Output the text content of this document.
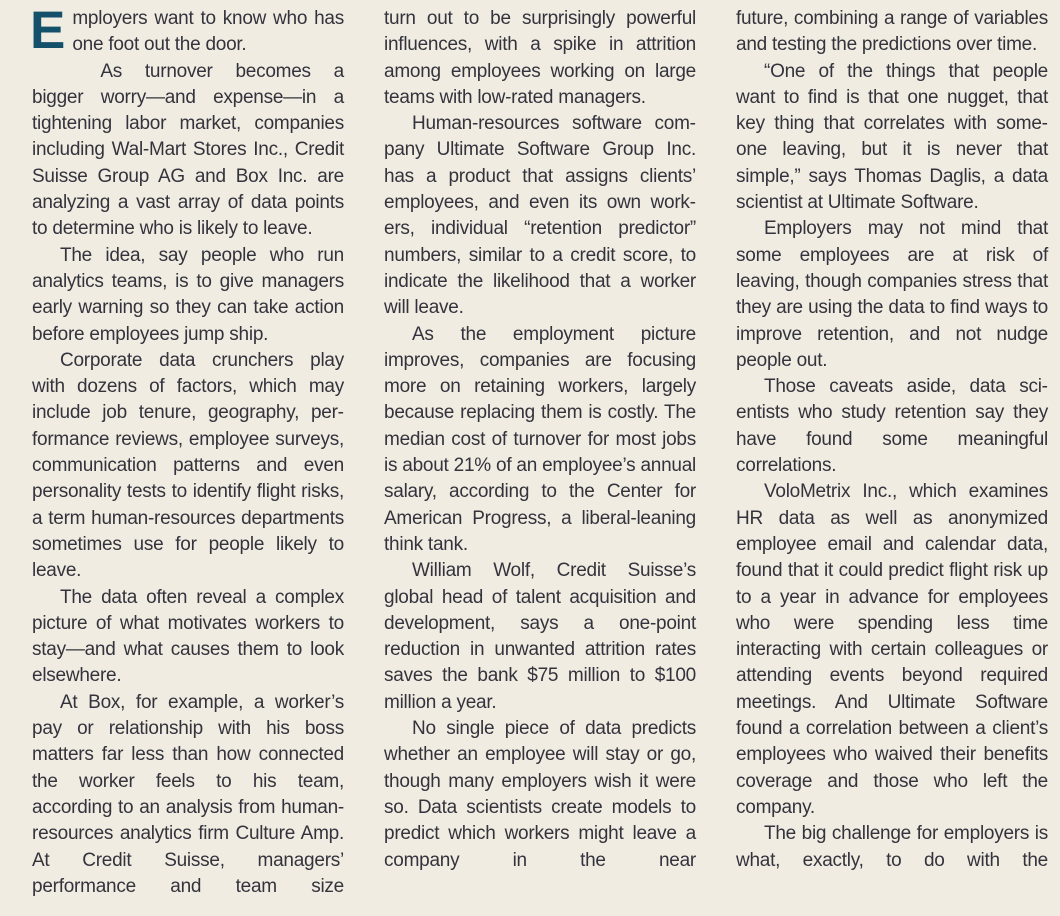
Employers want to know who has one foot out the door.

As turnover becomes a bigger worry—and expense—in a tightening labor market, companies including Wal-Mart Stores Inc., Credit Suisse Group AG and Box Inc. are analyzing a vast array of data points to determine who is likely to leave.

The idea, say people who run analytics teams, is to give managers early warning so they can take action before employees jump ship.

Corporate data crunchers play with dozens of factors, which may include job tenure, geography, performance reviews, employee surveys, communication patterns and even personality tests to identify flight risks, a term human-resources departments sometimes use for people likely to leave.

The data often reveal a complex picture of what motivates workers to stay—and what causes them to look elsewhere.

At Box, for example, a worker’s pay or relationship with his boss matters far less than how connected the worker feels to his team, according to an analysis from human-resources analytics firm Culture Amp. At Credit Suisse, managers’ performance and team size

turn out to be surprisingly powerful influences, with a spike in attrition among employees working on large teams with low-rated managers.

Human-resources software company Ultimate Software Group Inc. has a product that assigns clients’ employees, and even its own workers, individual “retention predictor” numbers, similar to a credit score, to indicate the likelihood that a worker will leave.

As the employment picture improves, companies are focusing more on retaining workers, largely because replacing them is costly. The median cost of turnover for most jobs is about 21% of an employee’s annual salary, according to the Center for American Progress, a liberal-leaning think tank.

William Wolf, Credit Suisse’s global head of talent acquisition and development, says a one-point reduction in unwanted attrition rates saves the bank $75 million to $100 million a year.

No single piece of data predicts whether an employee will stay or go, though many employers wish it were so. Data scientists create models to predict which workers might leave a company in the near

future, combining a range of variables and testing the predictions over time.

“One of the things that people want to find is that one nugget, that key thing that correlates with someone leaving, but it is never that simple,” says Thomas Daglis, a data scientist at Ultimate Software.

Employers may not mind that some employees are at risk of leaving, though companies stress that they are using the data to find ways to improve retention, and not nudge people out.

Those caveats aside, data scientists who study retention say they have found some meaningful correlations.

VoloMetrix Inc., which examines HR data as well as anonymized employee email and calendar data, found that it could predict flight risk up to a year in advance for employees who were spending less time interacting with certain colleagues or attending events beyond required meetings. And Ultimate Software found a correlation between a client’s employees who waived their benefits coverage and those who left the company.

The big challenge for employers is what, exactly, to do with the
